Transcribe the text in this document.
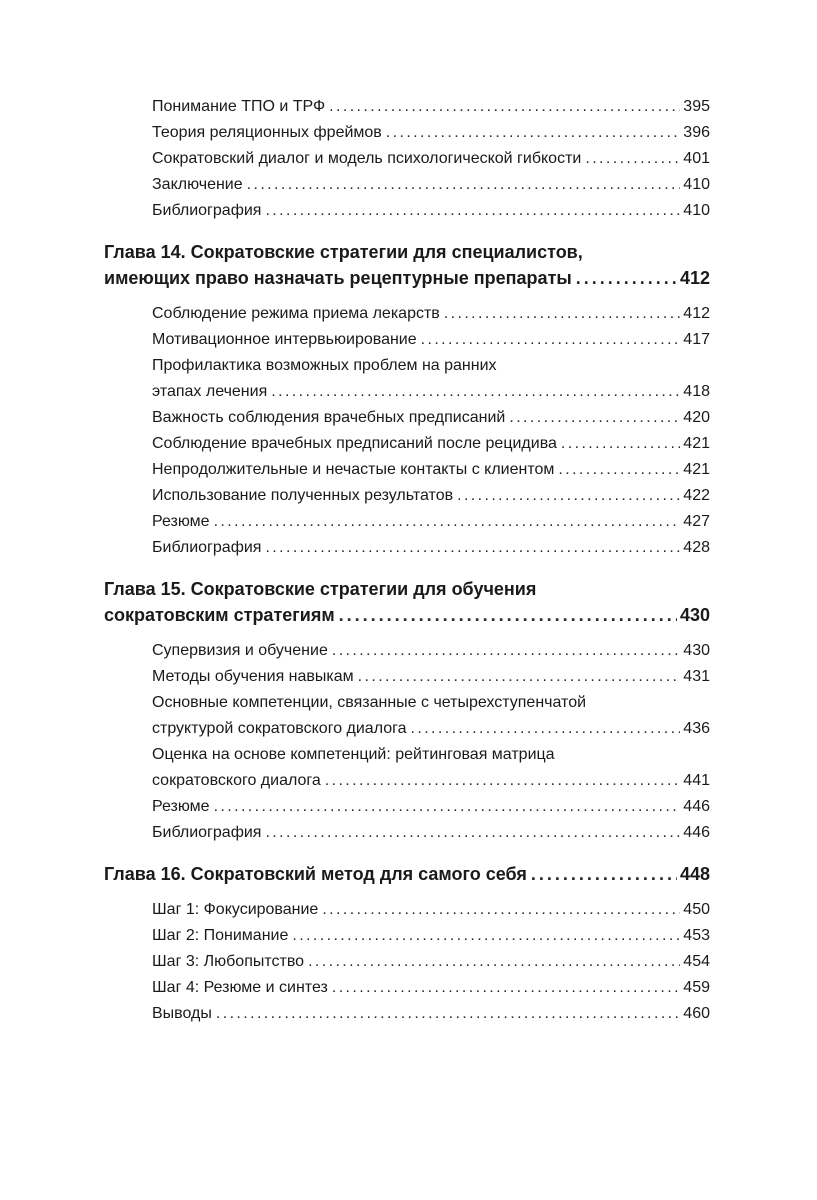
Понимание ТПО и ТРФ .....	395
Теория реляционных фреймов .....	396
Сократовский диалог и модель психологической гибкости .....	401
Заключение .....	410
Библиография .....	410
Глава 14. Сократовские стратегии для специалистов,
имеющих право назначать рецептурные препараты .....	412
Соблюдение режима приема лекарств .....	412
Мотивационное интервьюирование .....	417
Профилактика возможных проблем на ранних
этапах лечения .....	418
Важность соблюдения врачебных предписаний .....	420
Соблюдение врачебных предписаний после рецидива .....	421
Непродолжительные и нечастые контакты с клиентом .....	421
Использование полученных результатов .....	422
Резюме .....	427
Библиография .....	428
Глава 15. Сократовские стратегии для обучения
сократовским стратегиям .....	430
Супервизия и обучение .....	430
Методы обучения навыкам .....	431
Основные компетенции, связанные с четырехступенчатой
структурой сократовского диалога .....	436
Оценка на основе компетенций: рейтинговая матрица
сократовского диалога .....	441
Резюме .....	446
Библиография .....	446
Глава 16. Сократовский метод для самого себя .....	448
Шаг 1: Фокусирование .....	450
Шаг 2: Понимание .....	453
Шаг 3: Любопытство .....	454
Шаг 4: Резюме и синтез .....	459
Выводы .....	460
